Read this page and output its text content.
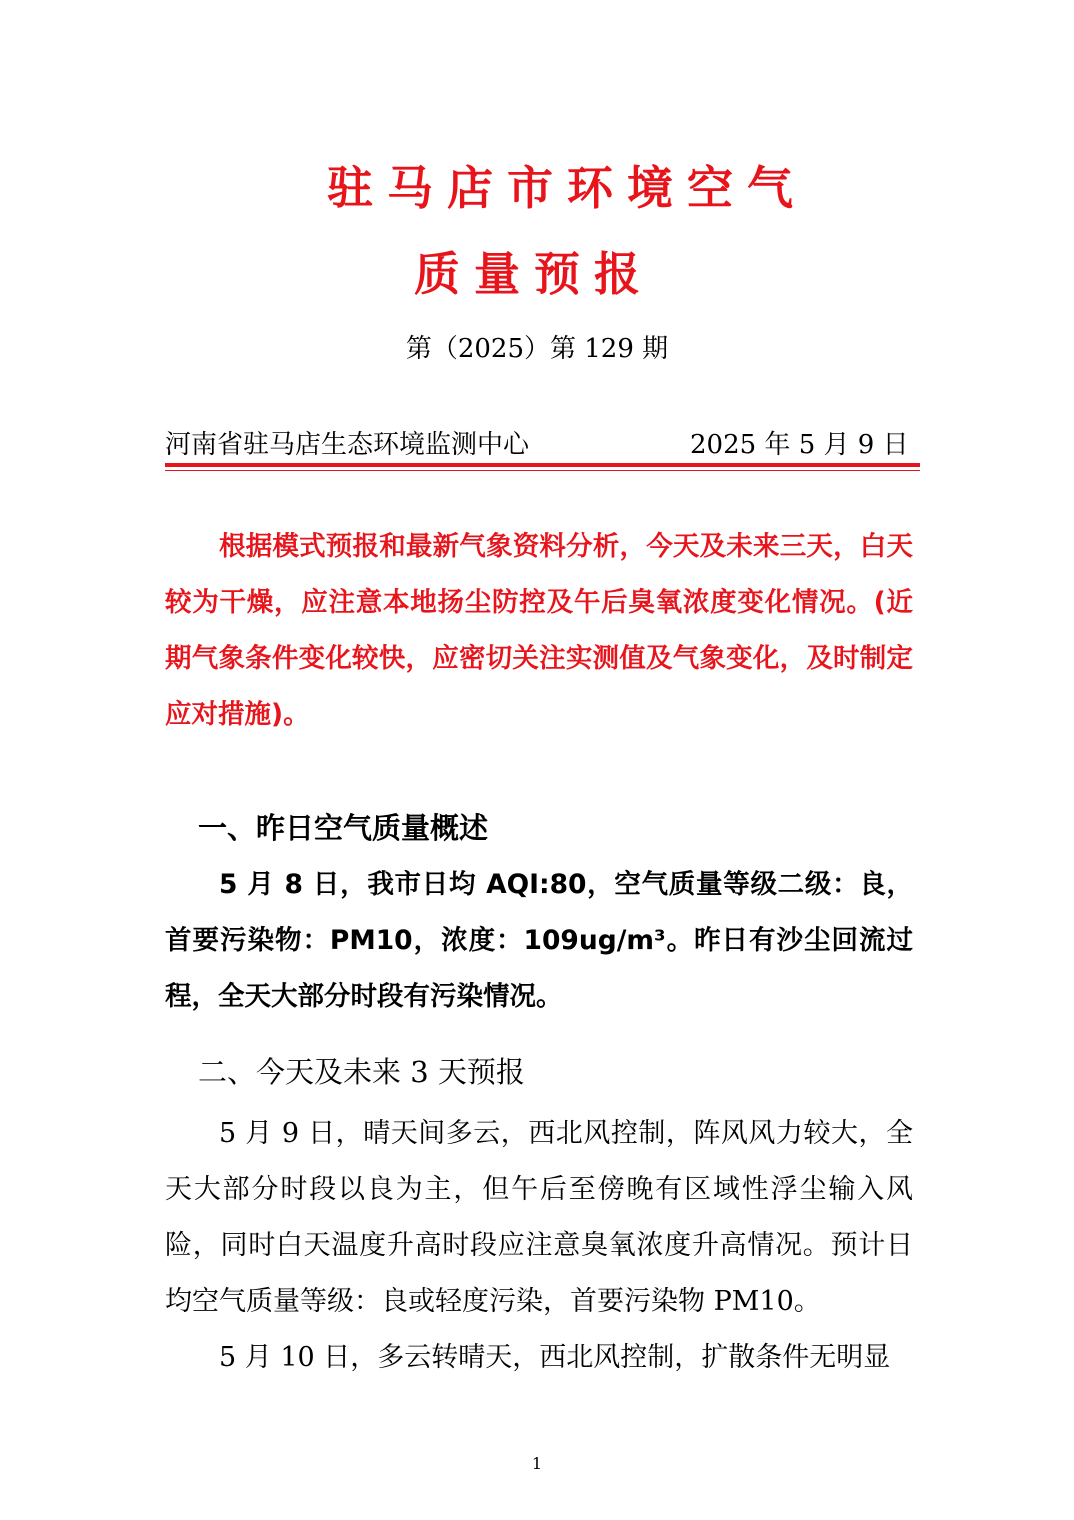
驻马店市环境空气
质量预报
第（2025）第 129 期
河南省驻马店生态环境监测中心	2025 年 5 月 9 日
根据模式预报和最新气象资料分析，今天及未来三天，白天较为干燥，应注意本地扬尘防控及午后臭氧浓度变化情况。(近期气象条件变化较快，应密切关注实测值及气象变化，及时制定应对措施)。
一、昨日空气质量概述
5 月 8 日，我市日均 AQI:80，空气质量等级二级：良，首要污染物：PM10，浓度：109ug/m³。昨日有沙尘回流过程，全天大部分时段有污染情况。
二、今天及未来 3 天预报
5 月 9 日，晴天间多云，西北风控制，阵风风力较大，全天大部分时段以良为主，但午后至傍晚有区域性浮尘输入风险，同时白天温度升高时段应注意臭氧浓度升高情况。预计日均空气质量等级：良或轻度污染，首要污染物 PM10。
5 月 10 日，多云转晴天，西北风控制，扩散条件无明显
1
